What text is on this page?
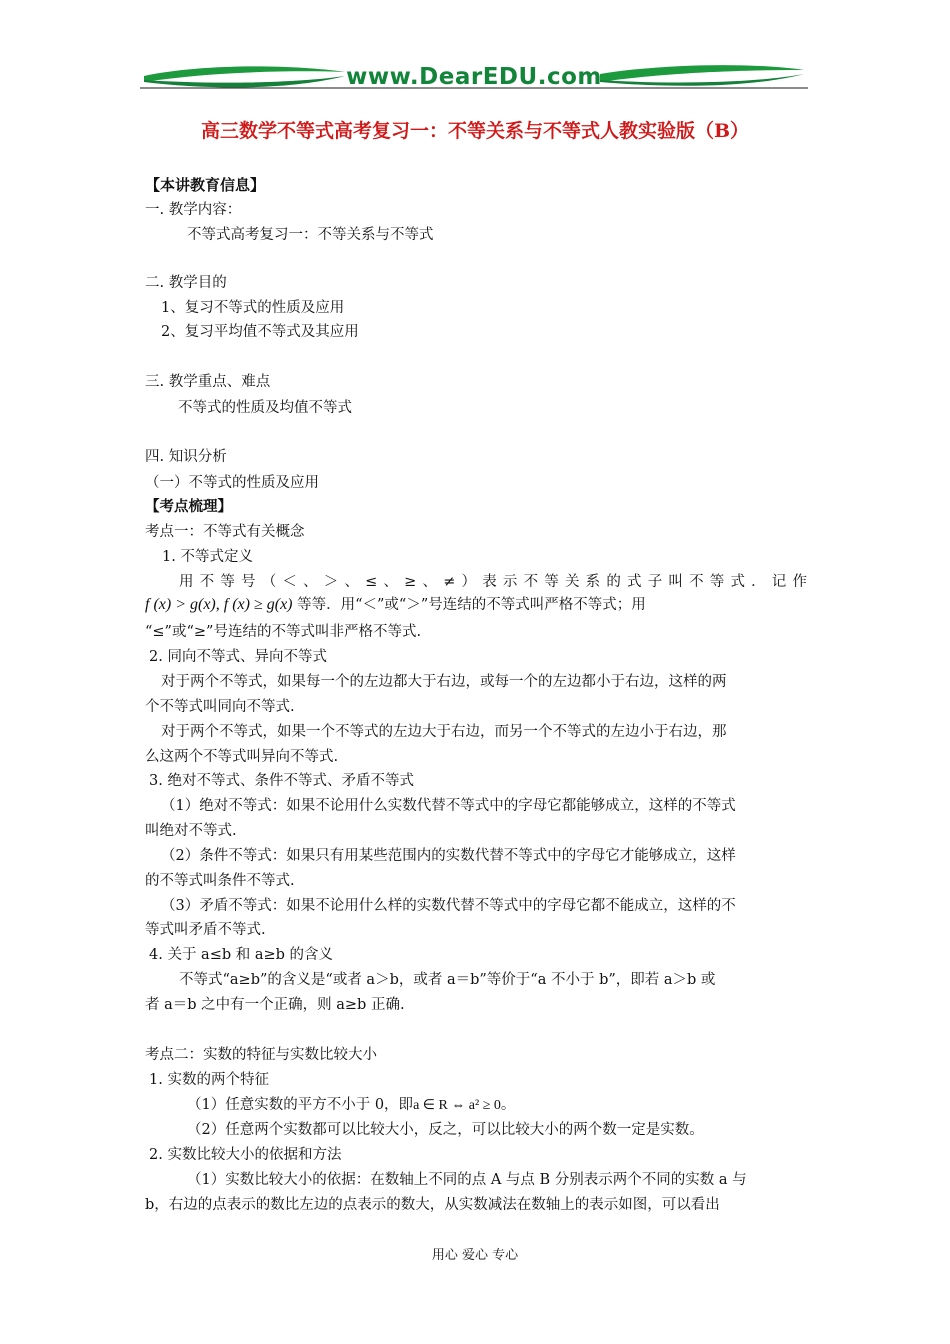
www.DearEDU.com
高三数学不等式高考复习一：不等关系与不等式人教实验版（B）
【本讲教育信息】
一. 教学内容：
不等式高考复习一：不等关系与不等式
二. 教学目的
1、复习不等式的性质及应用
2、复习平均值不等式及其应用
三. 教学重点、难点
不等式的性质及均值不等式
四. 知识分析
（一）不等式的性质及应用
【考点梳理】
考点一：不等式有关概念
1. 不等式定义
用不等号（＜、＞、≤、≥、≠）表示不等关系的式子叫不等式．记作
f (x) > g(x), f (x) ≥ g(x) 等等．用“＜”或“＞”号连结的不等式叫严格不等式；用
“≤”或“≥”号连结的不等式叫非严格不等式.
2. 同向不等式、异向不等式
对于两个不等式，如果每一个的左边都大于右边，或每一个的左边都小于右边，这样的两
个不等式叫同向不等式.
对于两个不等式，如果一个不等式的左边大于右边，而另一个不等式的左边小于右边，那
么这两个不等式叫异向不等式.
3. 绝对不等式、条件不等式、矛盾不等式
（1）绝对不等式：如果不论用什么实数代替不等式中的字母它都能够成立，这样的不等式
叫绝对不等式.
（2）条件不等式：如果只有用某些范围内的实数代替不等式中的字母它才能够成立，这样
的不等式叫条件不等式.
（3）矛盾不等式：如果不论用什么样的实数代替不等式中的字母它都不能成立，这样的不
等式叫矛盾不等式.
4. 关于 a≤b 和 a≥b 的含义
不等式“a≥b”的含义是“或者 a＞b，或者 a＝b”等价于“a 不小于 b”，即若 a＞b 或
者 a＝b 之中有一个正确，则 a≥b 正确.
考点二：实数的特征与实数比较大小
1. 实数的两个特征
（1）任意实数的平方不小于 0，即a ∈ R ⇔ a² ≥ 0。
（2）任意两个实数都可以比较大小，反之，可以比较大小的两个数一定是实数。
2. 实数比较大小的依据和方法
（1）实数比较大小的依据：在数轴上不同的点 A 与点 B 分别表示两个不同的实数 a 与
b，右边的点表示的数比左边的点表示的数大，从实数减法在数轴上的表示如图，可以看出
用心 爱心 专心
